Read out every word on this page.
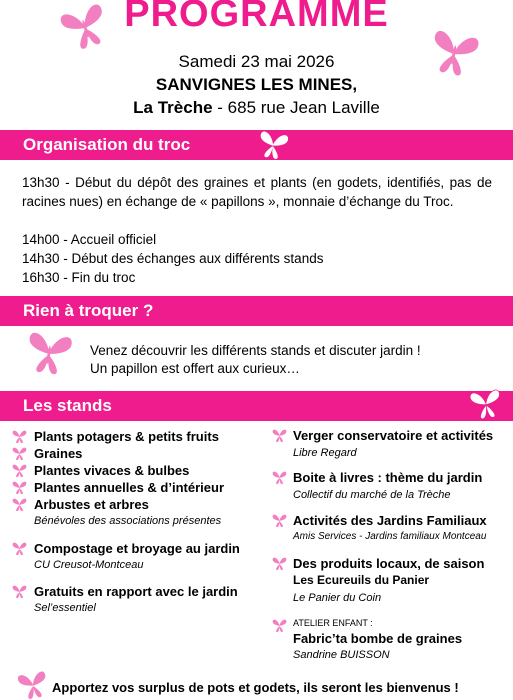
PROGRAMME
Samedi 23 mai 2026
SANVIGNES LES MINES,
La Trèche - 685 rue Jean Laville
Organisation du troc
13h30 - Début du dépôt des graines et plants (en godets, identifiés, pas de racines nues) en échange de « papillons », monnaie d’échange du Troc.
14h00 - Accueil officiel
14h30 - Début des échanges aux différents stands
16h30 - Fin du troc
Rien à troquer ?
Venez découvrir les différents stands et discuter jardin !
Un papillon est offert aux curieux…
Les stands
Plants potagers & petits fruits
Graines
Plantes vivaces & bulbes
Plantes annuelles & d’intérieur
Arbustes et arbres
Bénévoles des associations présentes
Compostage et broyage au jardin
CU Creusot-Montceau
Gratuits en rapport avec le jardin
Sel’essentiel
Verger conservatoire et activités
Libre Regard
Boite à livres : thème du jardin
Collectif du marché de la Trèche
Activités des Jardins Familiaux
Amis Services - Jardins familiaux Montceau
Des produits locaux, de saison
Les Ecureuils du Panier
Le Panier du Coin
ATELIER ENFANT :
Fabric’ta bombe de graines
Sandrine BUISSON
Apportez vos surplus de pots et godets, ils seront les bienvenus !
